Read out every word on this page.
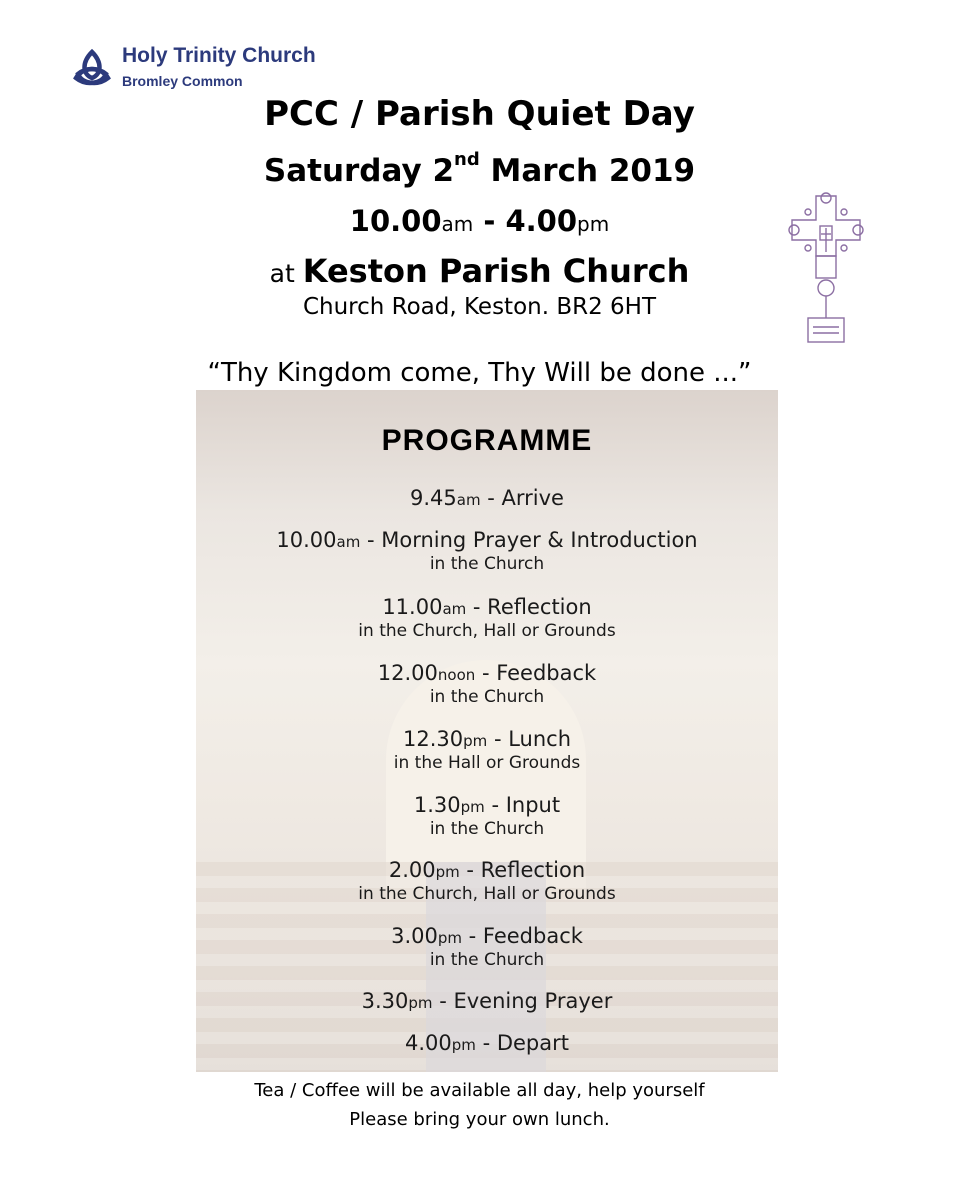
Holy Trinity Church
Bromley Common
PCC / Parish Quiet Day
Saturday 2nd March 2019
10.00am - 4.00pm
at Keston Parish Church
Church Road, Keston. BR2 6HT
“Thy Kingdom come, Thy Will be done ...”
PROGRAMME
9.45am - Arrive
10.00am - Morning Prayer & Introduction
in the Church
11.00am - Reflection
in the Church, Hall or Grounds
12.00noon - Feedback
in the Church
12.30pm - Lunch
in the Hall or Grounds
1.30pm - Input
in the Church
2.00pm - Reflection
in the Church, Hall or Grounds
3.00pm - Feedback
in the Church
3.30pm - Evening Prayer
4.00pm - Depart
Tea / Coffee will be available all day, help yourself
Please bring your own lunch.
